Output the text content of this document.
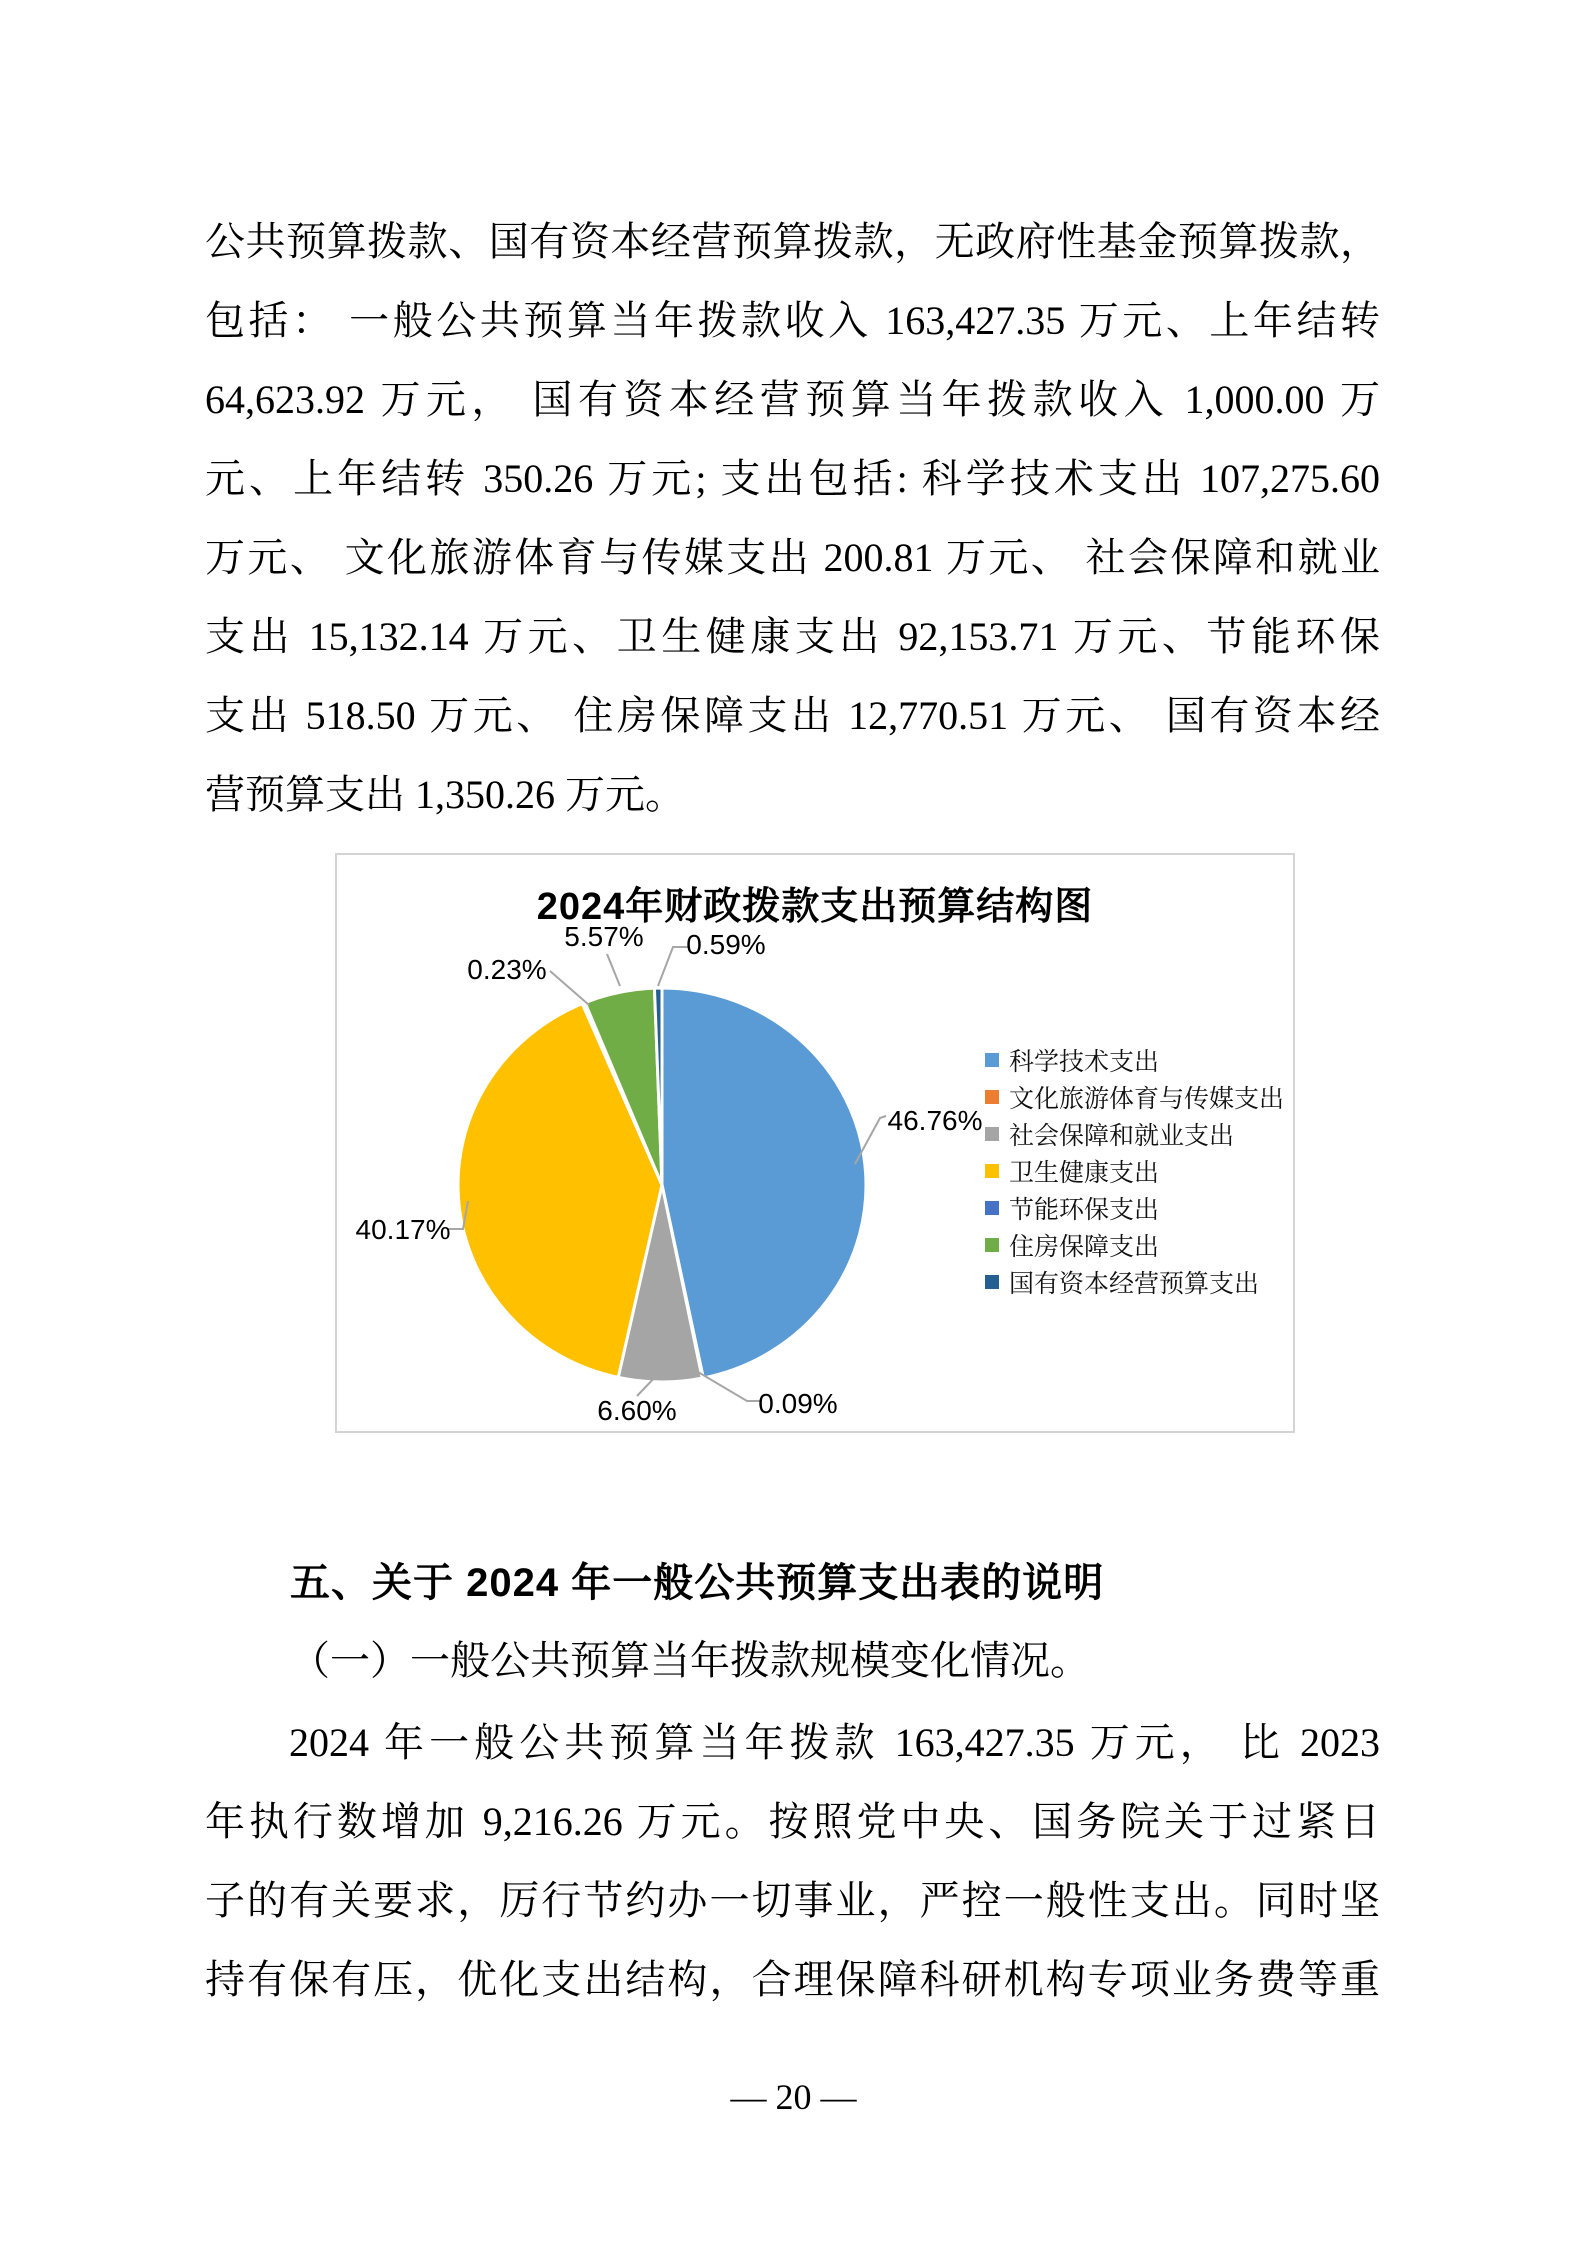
公共预算拨款、国有资本经营预算拨款，无政府性基金预算拨款，
包括： 一般公共预算当年拨款收入 163,427.35 万元、上年结转
64,623.92 万元， 国有资本经营预算当年拨款收入 1,000.00 万
元、上年结转 350.26 万元; 支出包括: 科学技术支出 107,275.60
万元、 文化旅游体育与传媒支出 200.81 万元、 社会保障和就业
支出 15,132.14 万元、卫生健康支出 92,153.71 万元、节能环保
支出 518.50 万元、 住房保障支出 12,770.51 万元、 国有资本经
营预算支出 1,350.26 万元。
2024年财政拨款支出预算结构图
科学技术支出
文化旅游体育与传媒支出
社会保障和就业支出
卫生健康支出
节能环保支出
住房保障支出
国有资本经营预算支出
46.76%
0.09%
6.60%
40.17%
0.23%
5.57% 0.59%
五、关于 2024 年一般公共预算支出表的说明
（一）一般公共预算当年拨款规模变化情况。
2024 年一般公共预算当年拨款 163,427.35 万元， 比 2023
年执行数增加 9,216.26 万元。按照党中央、国务院关于过紧日
子的有关要求，厉行节约办一切事业，严控一般性支出。同时坚
持有保有压，优化支出结构，合理保障科研机构专项业务费等重
— 20 —
